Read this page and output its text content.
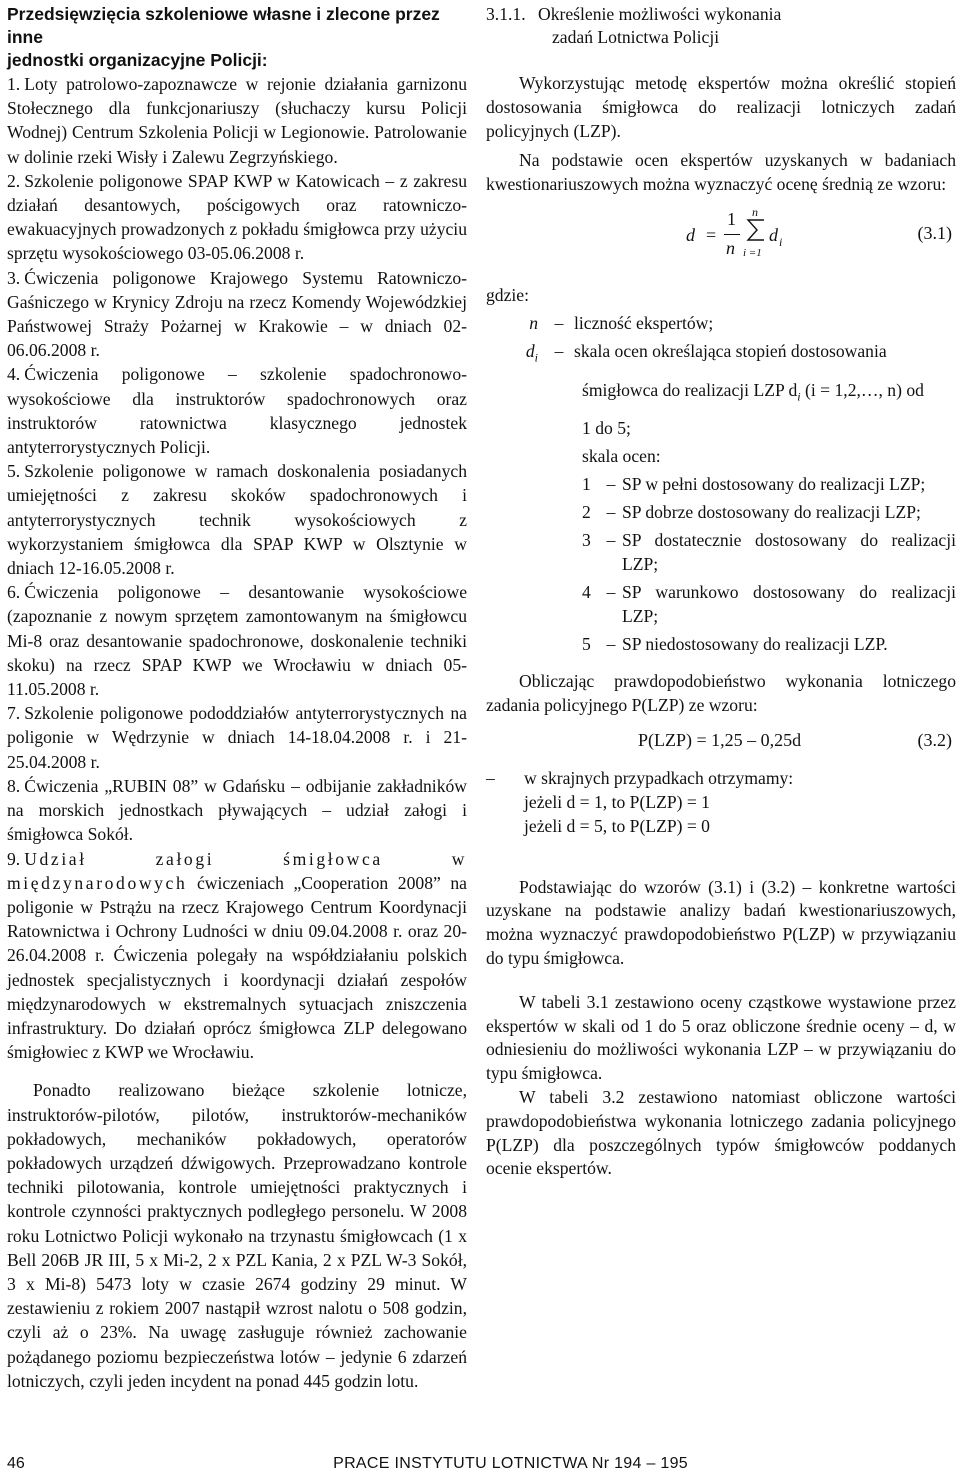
Przedsięwzięcia szkoleniowe własne i zlecone przez inne
jednostki organizacyjne Policji:

1. Loty patrolowo-zapoznawcze w rejonie działania garnizonu Stołecznego dla funkcjonariuszy (słuchaczy kursu Policji Wodnej) Centrum Szkolenia Policji w Legionowie. Patrolowanie w dolinie rzeki Wisły i Zalewu Zegrzyńskiego.

2. Szkolenie poligonowe SPAP KWP w Katowicach – z zakresu działań desantowych, pościgowych oraz ratowniczo-ewakuacyjnych prowadzonych z pokładu śmigłowca przy użyciu sprzętu wysokościowego 03-05.06.2008 r.

3. Ćwiczenia poligonowe Krajowego Systemu Ratowniczo-Gaśniczego w Krynicy Zdroju na rzecz Komendy Wojewódzkiej Państwowej Straży Pożarnej w Krakowie – w dniach 02-06.06.2008 r.

4. Ćwiczenia poligonowe – szkolenie spadochronowo-wysokościowe dla instruktorów spadochronowych oraz instruktorów ratownictwa klasycznego jednostek antyterrorystycznych Policji.

5. Szkolenie poligonowe w ramach doskonalenia posiadanych umiejętności z zakresu skoków spadochronowych i antyterrorystycznych technik wysokościowych z wykorzystaniem śmigłowca dla SPAP KWP w Olsztynie w dniach 12-16.05.2008 r.

6. Ćwiczenia poligonowe – desantowanie wysokościowe (zapoznanie z nowym sprzętem zamontowanym na śmigłowcu Mi-8 oraz desantowanie spadochronowe, doskonalenie techniki skoku) na rzecz SPAP KWP we Wrocławiu w dniach 05-11.05.2008 r.

7. Szkolenie poligonowe pododdziałów antyterrorystycznych na poligonie w Wędrzynie w dniach 14-18.04.2008 r. i 21-25.04.2008 r.

8. Ćwiczenia „RUBIN 08” w Gdańsku – odbijanie zakładników na morskich jednostkach pływających – udział załogi i śmigłowca Sokół.

9. Udział załogi śmigłowca w międzynarodowych ćwiczeniach „Cooperation 2008” na poligonie w Pstrążu na rzecz Krajowego Centrum Koordynacji Ratownictwa i Ochrony Ludności w dniu 09.04.2008 r. oraz 20-26.04.2008 r. Ćwiczenia polegały na współdziałaniu polskich jednostek specjalistycznych i koordynacji działań zespołów międzynarodowych w ekstremalnych sytuacjach zniszczenia infrastruktury. Do działań oprócz śmigłowca ZLP delegowano śmigłowiec z KWP we Wrocławiu.

Ponadto realizowano bieżące szkolenie lotnicze, instruktorów-pilotów, pilotów, instruktorów-mechaników pokładowych, mechaników pokładowych, operatorów pokładowych urządzeń dźwigowych. Przeprowadzano kontrole techniki pilotowania, kontrole umiejętności praktycznych i kontrole czynności praktycznych podległego personelu. W 2008 roku Lotnictwo Policji wykonało na trzynastu śmigłowcach (1 x Bell 206B JR III, 5 x Mi-2, 2 x PZL Kania, 2 x PZL W-3 Sokół, 3 x Mi-8) 5473 loty w czasie 2674 godziny 29 minut. W zestawieniu z rokiem 2007 nastąpił wzrost nalotu o 508 godzin, czyli aż o 23%. Na uwagę zasługuje również zachowanie pożądanego poziomu bezpieczeństwa lotów – jedynie 6 zdarzeń lotniczych, czyli jeden incydent na ponad 445 godzin lotu.

3.1.1. Określenie możliwości wykonania
zadań Lotnictwa Policji

Wykorzystując metodę ekspertów można określić stopień dostosowania śmigłowca do realizacji lotniczych zadań policyjnych (LZP).

Na podstawie ocen ekspertów uzyskanych w badaniach kwestionariuszowych można wyznaczyć ocenę średnią ze wzoru:

d =
1
n
n
i =1
d i	(3.1)
gdzie:
n – liczność ekspertów;
$d_i$ – skala ocen określająca stopień dostosowania
śmigłowca do realizacji LZP $d_i$ (i = 1,2,…, n) od
1 do 5;
skala ocen:
1 – SP w pełni dostosowany do realizacji LZP;
2 – SP dobrze dostosowany do realizacji LZP;
3 – SP dostatecznie dostosowany do realizacji LZP;
4 – SP warunkowo dostosowany do realizacji LZP;
5 – SP niedostosowany do realizacji LZP.

Obliczając prawdopodobieństwo wykonania lotniczego zadania policyjnego P(LZP) ze wzoru:

P(LZP) = 1,25 – 0,25d	(3.2)
–	w skrajnych przypadkach otrzymamy:
jeżeli d = 1, to P(LZP) = 1
jeżeli d = 5, to P(LZP) = 0

Podstawiając do wzorów (3.1) i (3.2) – konkretne wartości uzyskane na podstawie analizy badań kwestionariuszowych, można wyznaczyć prawdopodobieństwo P(LZP) w przywiązaniu do typu śmigłowca.

W tabeli 3.1 zestawiono oceny cząstkowe wystawione przez ekspertów w skali od 1 do 5 oraz obliczone średnie oceny – d, w odniesieniu do możliwości wykonania LZP – w przywiązaniu do typu śmigłowca.

W tabeli 3.2 zestawiono natomiast obliczone wartości prawdopodobieństwa wykonania lotniczego zadania policyjnego P(LZP) dla poszczególnych typów śmigłowców poddanych ocenie ekspertów.

46	PRACE INSTYTUTU LOTNICTWA Nr 194 – 195
